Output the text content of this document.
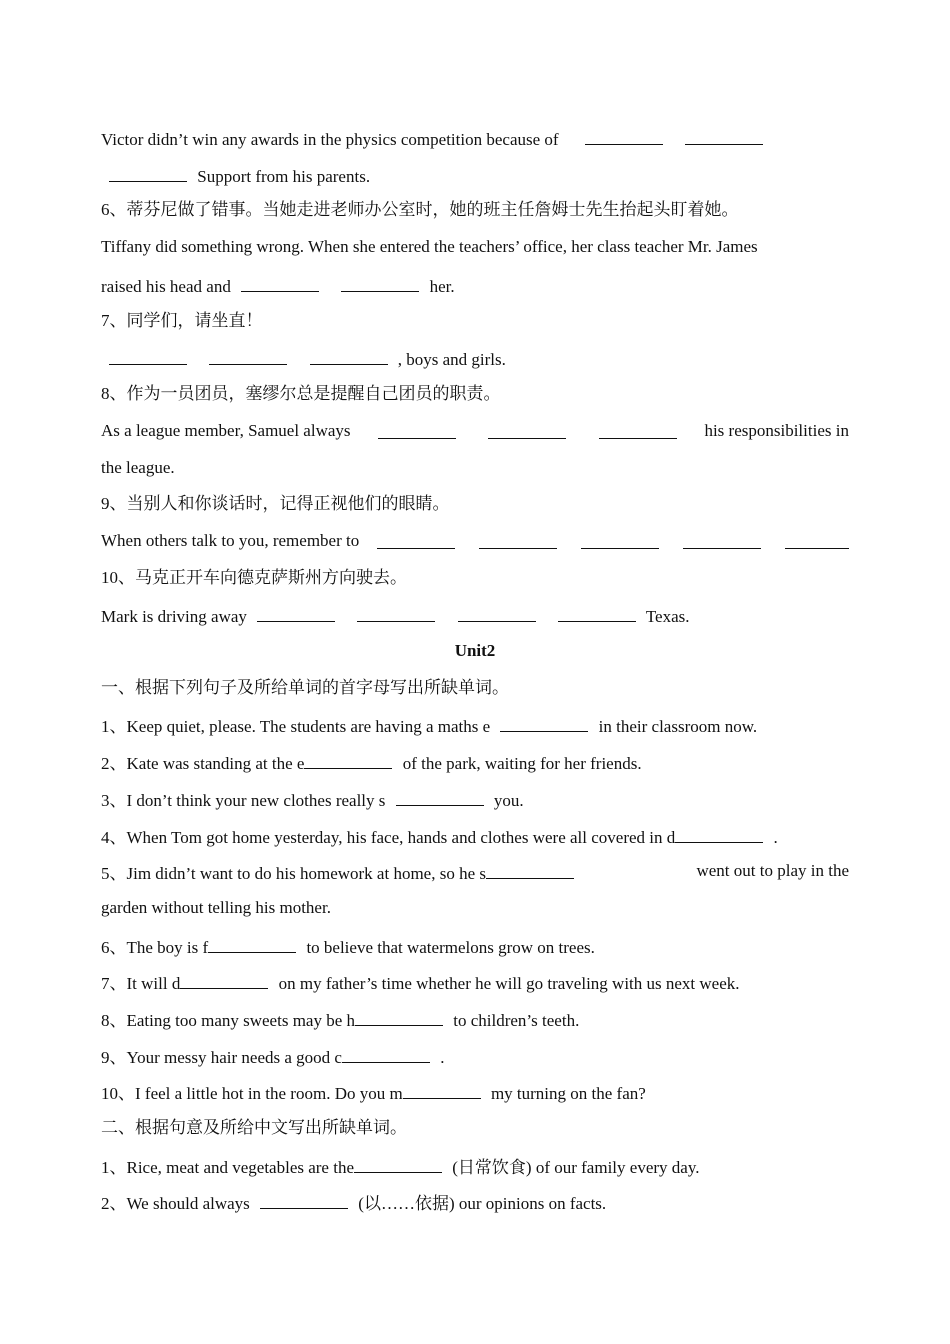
Victor didn’t win any awards in the physics competition because of
Support from his parents.
6、蒂芬尼做了错事。当她走进老师办公室时，她的班主任詹姆士先生抬起头盯着她。
Tiffany did something wrong. When she entered the teachers’ office, her class teacher Mr. James
raised his head and	her.
7、同学们，请坐直！
, boys and girls.
8、作为一员团员，塞缪尔总是提醒自己团员的职责。
As a league member, Samuel always	his responsibilities in
the league.
9、当别人和你谈话时，记得正视他们的眼睛。
When others talk to you, remember to
10、马克正开车向德克萨斯州方向驶去。
Mark is driving away	Texas.
Unit2
一、根据下列句子及所给单词的首字母写出所缺单词。
1、Keep quiet, please. The students are having a maths e	in their classroom now.
2、Kate was standing at the e	of the park, waiting for her friends.
3、I don’t think your new clothes really s	you.
4、When Tom got home yesterday, his face, hands and clothes were all covered in d	.
5、Jim didn’t want to do his homework at home, so he s	went out to play in the
garden without telling his mother.
6、The boy is f	to believe that watermelons grow on trees.
7、It will d	on my father’s time whether he will go traveling with us next week.
8、Eating too many sweets may be h	to children’s teeth.
9、Your messy hair needs a good c	.
10、I feel a little hot in the room. Do you m	my turning on the fan?
二、根据句意及所给中文写出所缺单词。
1、Rice, meat and vegetables are the	(日常饮食) of our family every day.
2、We should always	(以……依据) our opinions on facts.
